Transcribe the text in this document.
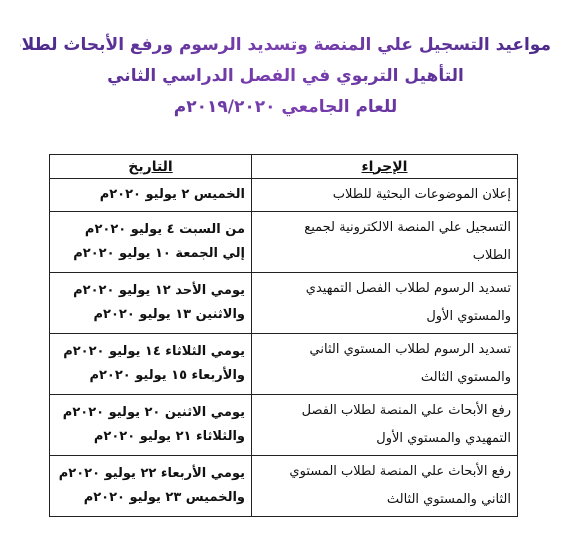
مواعيد التسجيل علي المنصة وتسديد الرسوم ورفع الأبحاث لطلاب
التأهيل التربوي في الفصل الدراسي الثاني
للعام الجامعي ٢٠١٩/٢٠٢٠م
الإجراء	التاريخ

إعلان الموضوعات البحثية للطلاب	الخميس ٢ يوليو ٢٠٢٠م

التسجيل علي المنصة الالكترونية لجميع
الطلاب	من السبت ٤ يوليو ٢٠٢٠م
إلي الجمعة ١٠ يوليو ٢٠٢٠م

تسديد الرسوم لطلاب الفصل التمهيدي
والمستوي الأول	يومي الأحد ١٢ يوليو ٢٠٢٠م
والاثنين ١٣ يوليو ٢٠٢٠م

تسديد الرسوم لطلاب المستوي الثاني
والمستوي الثالث	يومي الثلاثاء ١٤ يوليو ٢٠٢٠م
والأربعاء ١٥ يوليو ٢٠٢٠م

رفع الأبحاث علي المنصة لطلاب الفصل
التمهيدي والمستوي الأول	يومي الاثنين ٢٠ يوليو ٢٠٢٠م
والثلاثاء ٢١ يوليو ٢٠٢٠م

رفع الأبحاث علي المنصة لطلاب المستوي
الثاني والمستوي الثالث	يومي الأربعاء ٢٢ يوليو ٢٠٢٠م
والخميس ٢٣ يوليو ٢٠٢٠م
